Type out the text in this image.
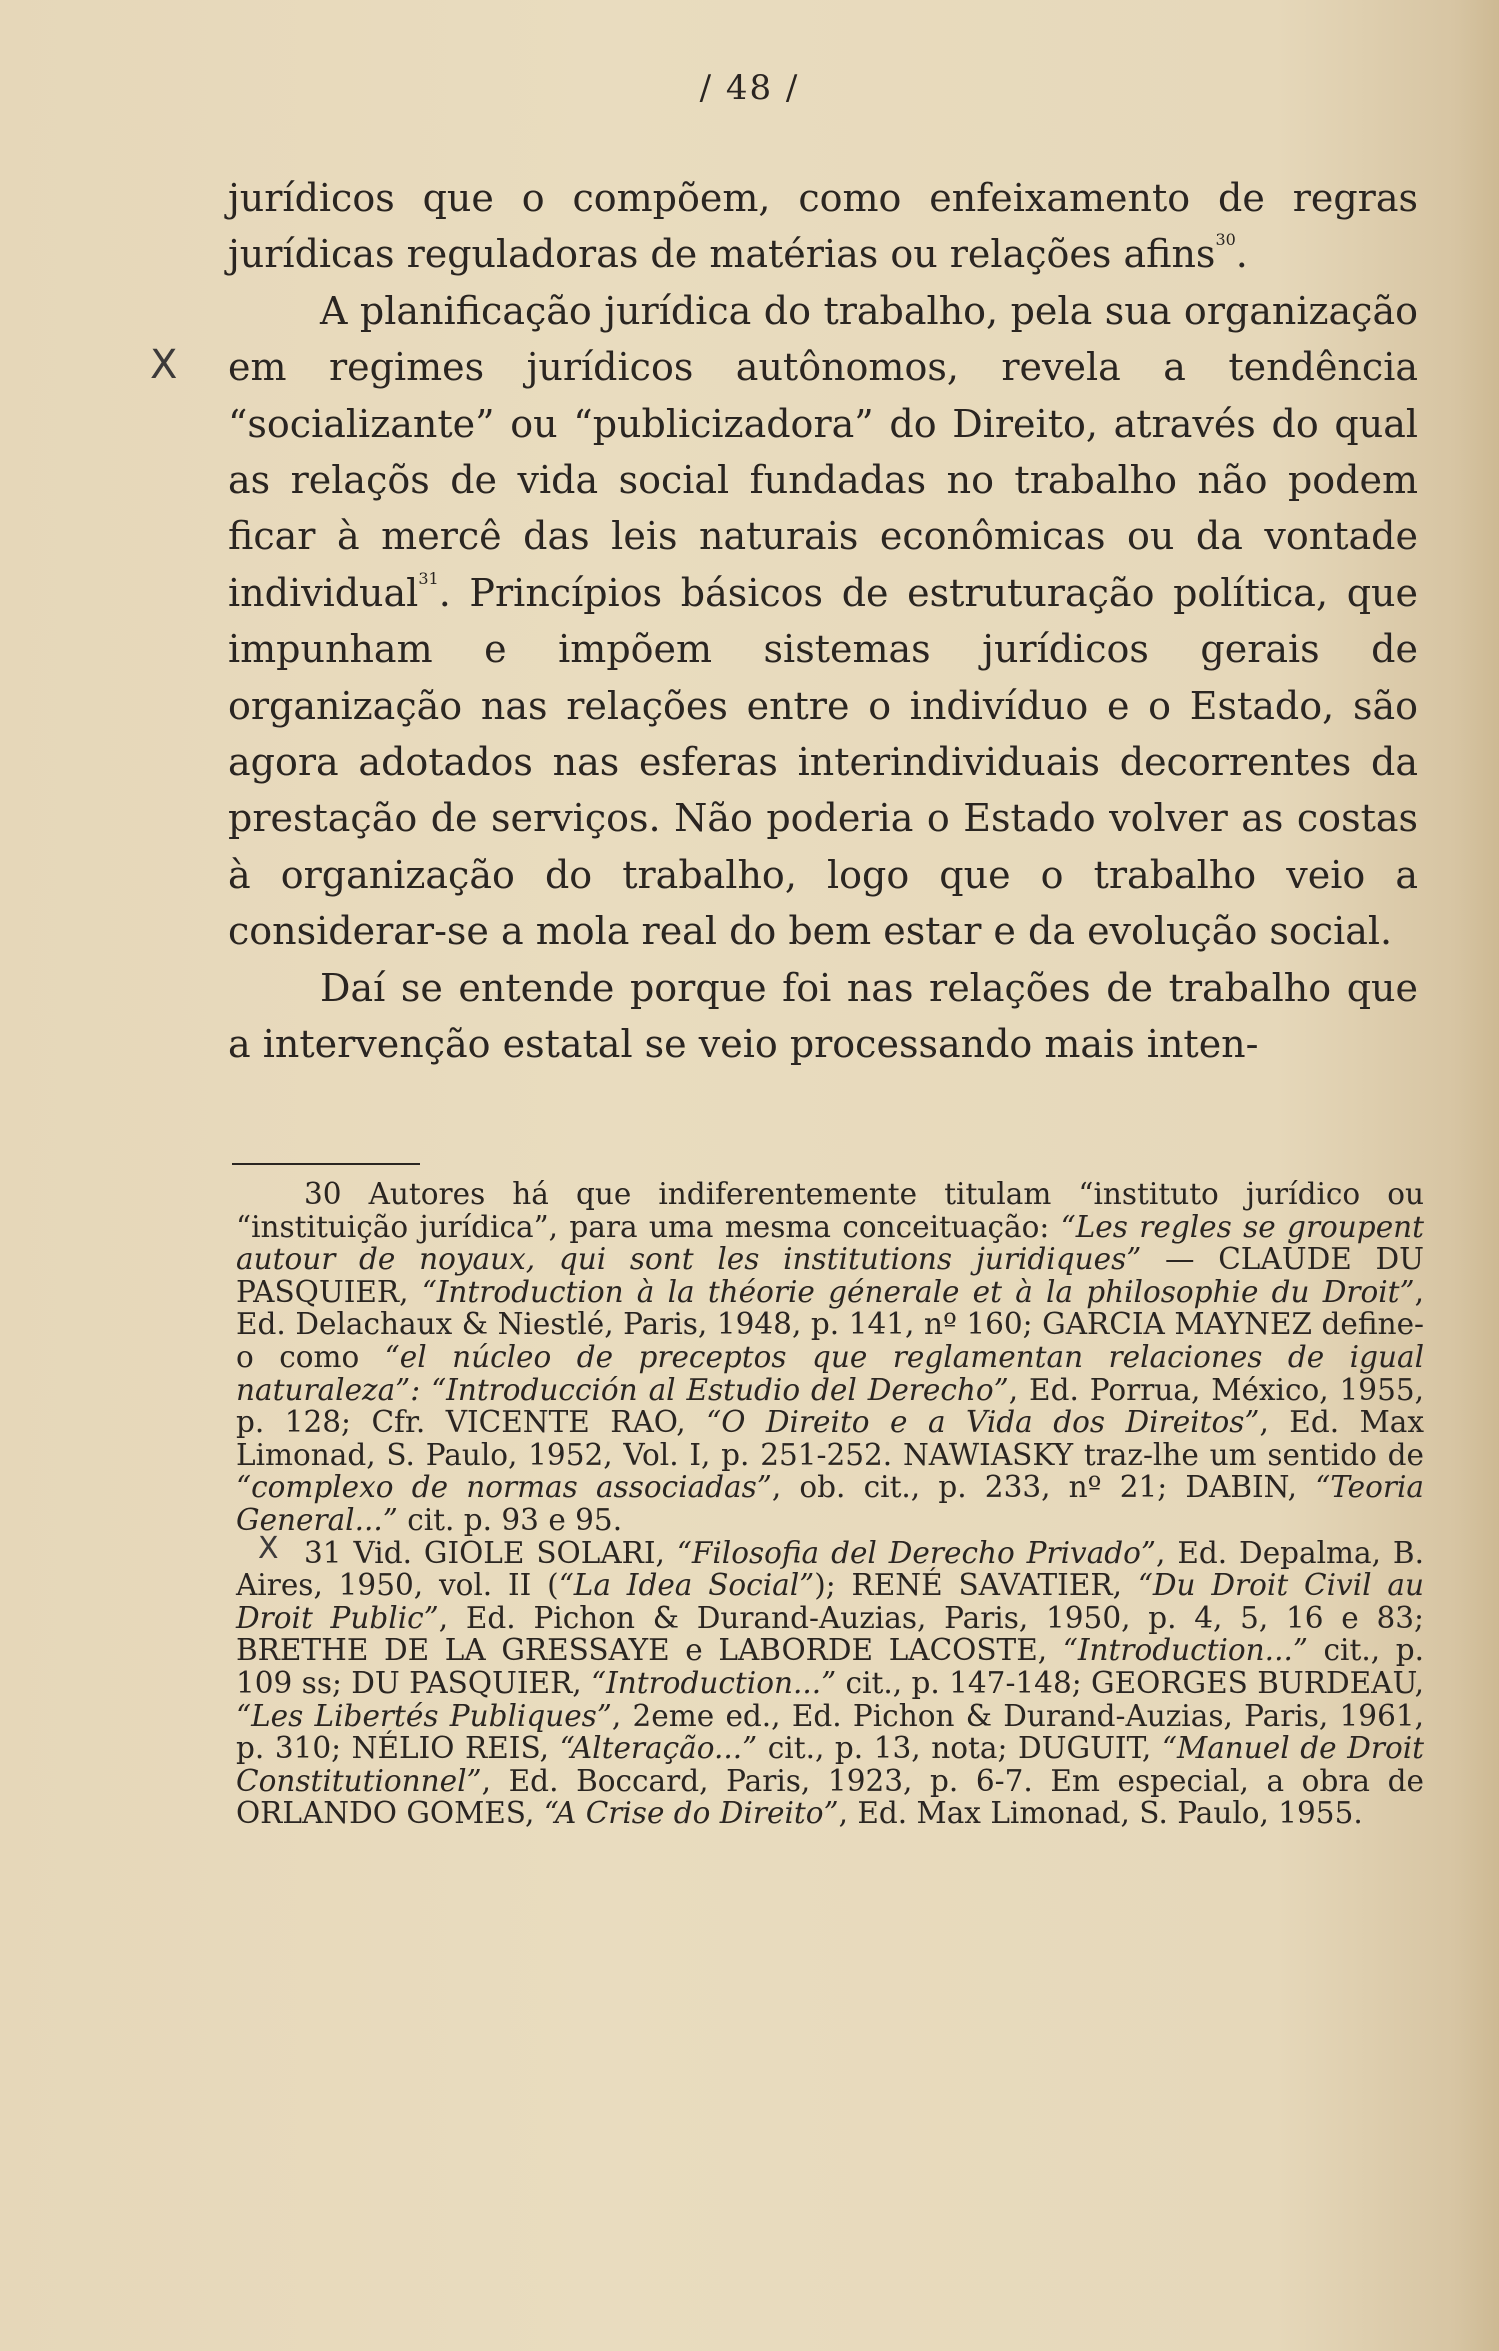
/ 48 /
X

jurídicos que o compõem, como enfeixamento de regras jurídicas reguladoras de matérias ou relações afins$^{30}$.

A planificação jurídica do trabalho, pela sua organização em regimes jurídicos autônomos, revela a tendência “socializante” ou “publicizadora” do Direito, através do qual as relaçõs de vida social fundadas no trabalho não podem ficar à mercê das leis naturais econômicas ou da vontade individual$^{31}$. Princípios básicos de estruturação política, que impunham e impõem sistemas jurídicos gerais de organização nas relações entre o indivíduo e o Estado, são agora adotados nas esferas interindividuais decorrentes da prestação de serviços. Não poderia o Estado volver as costas à organização do trabalho, logo que o trabalho veio a considerar-se a mola real do bem estar e da evolução social.

Daí se entende porque foi nas relações de trabalho que a intervenção estatal se veio processando mais inten-

30 Autores há que indiferentemente titulam “instituto jurídico ou “instituição jurídica”, para uma mesma conceituação: “Les regles se groupent autour de noyaux, qui sont les institutions juridiques” — CLAUDE DU PASQUIER, “Introduction à la théorie génerale et à la philosophie du Droit”, Ed. Delachaux & Niestlé, Paris, 1948, p. 141, nº 160; GARCIA MAYNEZ define-o como “el núcleo de preceptos que reglamentan relaciones de igual naturaleza”: “Introducción al Estudio del Derecho”, Ed. Porrua, México, 1955, p. 128; Cfr. VICENTE RAO, “O Direito e a Vida dos Direitos”, Ed. Max Limonad, S. Paulo, 1952, Vol. I, p. 251-252. NAWIASKY traz-lhe um sentido de “complexo de normas associadas”, ob. cit., p. 233, nº 21; DABIN, “Teoria General...” cit. p. 93 e 95.

X 31 Vid. GIOLE SOLARI, “Filosofia del Derecho Privado”, Ed. Depalma, B. Aires, 1950, vol. II (“La Idea Social”); RENÉ SAVATIER, “Du Droit Civil au Droit Public”, Ed. Pichon & Durand-Auzias, Paris, 1950, p. 4, 5, 16 e 83; BRETHE DE LA GRESSAYE e LABORDE LACOSTE, “Introduction...” cit., p. 109 ss; DU PASQUIER, “Introduction...” cit., p. 147-148; GEORGES BURDEAU, “Les Libertés Publiques”, 2eme ed., Ed. Pichon & Durand-Auzias, Paris, 1961, p. 310; NÉLIO REIS, “Alteração...” cit., p. 13, nota; DUGUIT, “Manuel de Droit Constitutionnel”, Ed. Boccard, Paris, 1923, p. 6-7. Em especial, a obra de ORLANDO GOMES, “A Crise do Direito”, Ed. Max Limonad, S. Paulo, 1955.
